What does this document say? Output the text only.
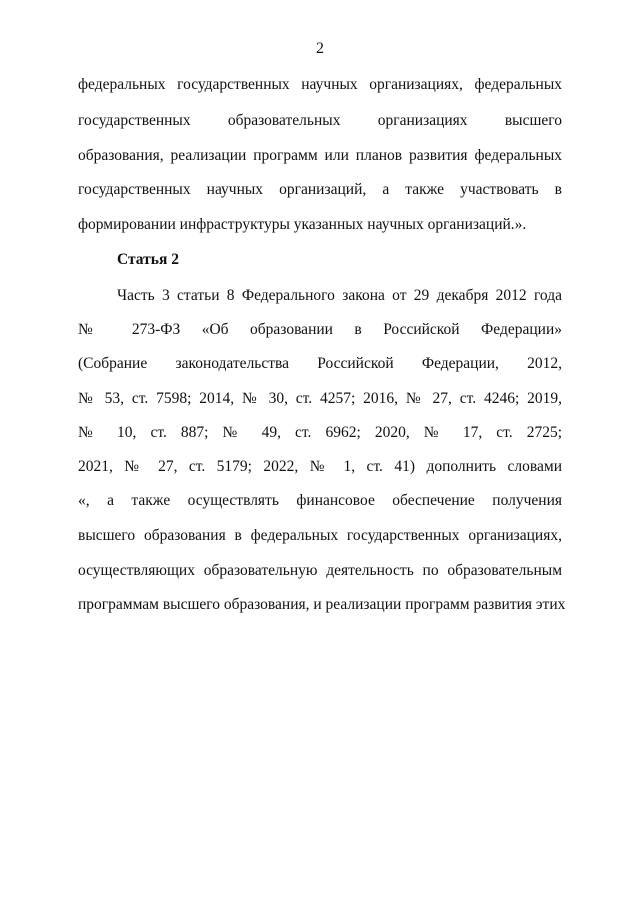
2
федеральных государственных научных организациях, федеральных
государственных образовательных организациях высшего
образования, реализации программ или планов развития федеральных
государственных научных организаций, а также участвовать в
формировании инфраструктуры указанных научных организаций.».
Статья 2
Часть 3 статьи 8 Федерального закона от 29 декабря 2012 года
№ 273-ФЗ «Об образовании в Российской Федерации»
(Собрание законодательства Российской Федерации, 2012,
№ 53, ст. 7598; 2014, № 30, ст. 4257; 2016, № 27, ст. 4246; 2019,
№ 10, ст. 887; № 49, ст. 6962; 2020, № 17, ст. 2725;
2021, № 27, ст. 5179; 2022, № 1, ст. 41) дополнить словами
«, а также осуществлять финансовое обеспечение получения
высшего образования в федеральных государственных организациях,
осуществляющих образовательную деятельность по образовательным
программам высшего образования, и реализации программ развития этих
